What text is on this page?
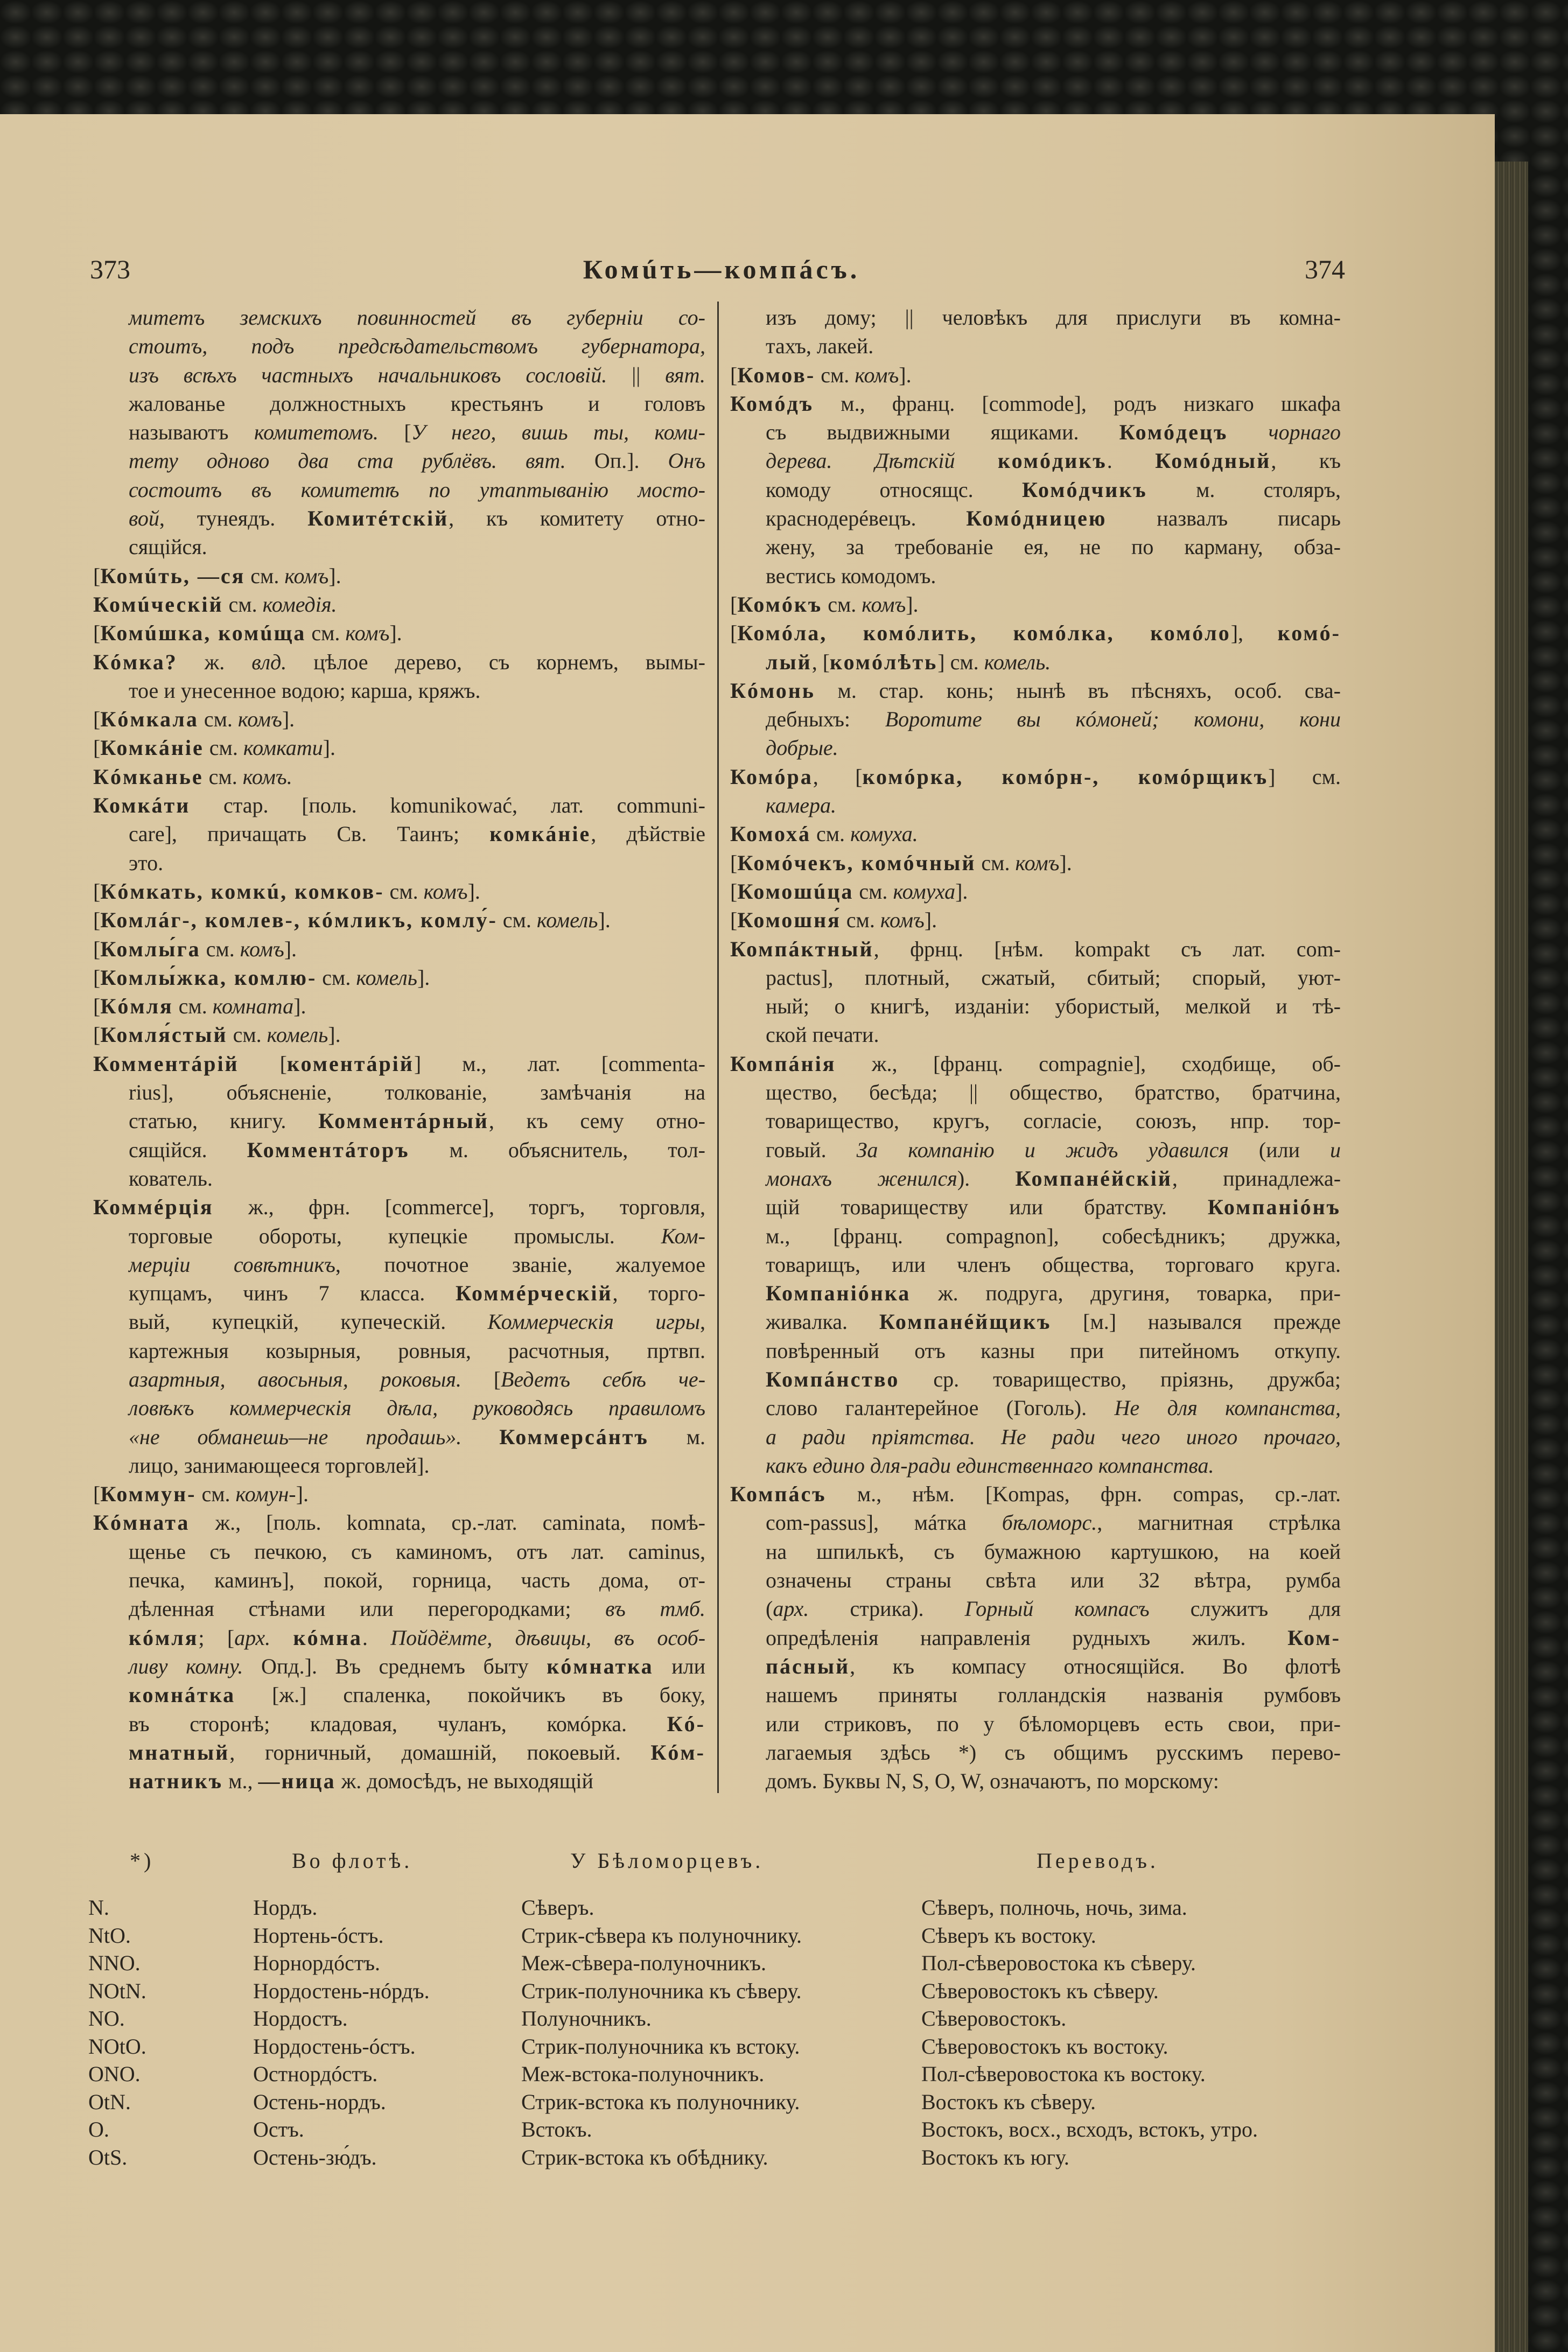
373	Комúть—компáсъ.	374
митетъ земскихъ повинностей въ губерніи со-
стоитъ, подъ предсѣдательствомъ губернатора,
изъ всѣхъ частныхъ начальниковъ сословій. || вят.
жалованье должностныхъ крестьянъ и головъ
называютъ комитетомъ. [У него, вишь ты, коми-
тету одново два ста рублёвъ. вят. Оп.]. Онъ
состоитъ въ комитетѣ по утаптыванію мосто-
вой, тунеядъ. Комитéтскій, къ комитету отно-
сящійся.
[Комúть, —ся см. комъ].
Комúческій см. комедія.
[Комúшка, комúща см. комъ].
Кóмка? ж. влд. цѣлое дерево, съ корнемъ, вымы-
тое и унесенное водою; карша, кряжъ.
[Кóмкала см. комъ].
[Комкáніе см. комкати].
Кóмканье см. комъ.
Комкáти стар. [поль. komunikować, лат. communi-
care], причащать Св. Таинъ; комкáніе, дѣйствіе
это.
[Кóмкать, комкú, комков- см. комъ].
[Комлáг-, комлев-, кóмликъ, комлу́- см. комель].
[Комлы́га см. комъ].
[Комлы́жка, комлю- см. комель].
[Кóмля см. комната].
[Комля́стый см. комель].
Комментáрій [коментáрій] м., лат. [commenta-
rius], объясненіе, толкованіе, замѣчанія на
статью, книгу. Комментáрный, къ сему отно-
сящійся. Комментáторъ м. объяснитель, тол-
кователь.
Коммéрція ж., фрн. [commerce], торгъ, торговля,
торговые обороты, купецкіе промыслы. Ком-
мерціи совѣтникъ, почотное званіе, жалуемое
купцамъ, чинъ 7 класса. Коммéрческій, торго-
вый, купецкій, купеческій. Коммерческія игры,
картежныя козырныя, ровныя, расчотныя, пртвп.
азартныя, авосьныя, роковыя. [Ведетъ себѣ че-
ловѣкъ коммерческія дѣла, руководясь правиломъ
«не обманешь—не продашь». Коммерсáнтъ м.
лицо, занимающееся торговлей].
[Коммун- см. комун-].
Кóмната ж., [поль. komnata, ср.-лат. caminata, помѣ-
щенье съ печкою, съ каминомъ, отъ лат. caminus,
печка, каминъ], покой, горница, часть дома, от-
дѣленная стѣнами или перегородками; въ тмб.
кóмля; [арх. кóмна. Пойдёмте, дѣвицы, въ особ-
ливу комну. Опд.]. Въ среднемъ быту кóмнатка или
комнáтка [ж.] спаленка, покойчикъ въ боку,
въ сторонѣ; кладовая, чуланъ, комóрка. Кó-
мнатный, горничный, домашній, покоевый. Кóм-
натникъ м., —ница ж. домосѣдъ, не выходящій
изъ дому; || человѣкъ для прислуги въ комна-
тахъ, лакей.
[Комов- см. комъ].
Комóдъ м., франц. [commode], родъ низкаго шкафа
съ выдвижными ящиками. Комóдецъ чорнаго
дерева. Дѣтскій комóдикъ. Комóдный, къ
комоду относящс. Комóдчикъ м. столяръ,
краснодерéвецъ. Комóдницею назвалъ писарь
жену, за требованіе ея, не по карману, обза-
вестись комодомъ.
[Комóкъ см. комъ].
[Комóла, комóлить, комóлка, комóло], комó-
лый, [комóлѣть] см. комель.
Кóмонь м. стар. конь; нынѣ въ пѣсняхъ, особ. сва-
дебныхъ: Воротите вы кóмоней; комони, кони
добрые.
Комóра, [комóрка, комóрн-, комóрщикъ] см.
камера.
Комохá см. комуха.
[Комóчекъ, комóчный см. комъ].
[Комошúца см. комуха].
[Комошня́ см. комъ].
Компáктный, фрнц. [нѣм. kompakt съ лат. com-
pactus], плотный, сжатый, сбитый; спорый, уют-
ный; о книгѣ, изданіи: убористый, мелкой и тѣ-
ской печати.
Компáнія ж., [франц. compagnie], сходбище, об-
щество, бесѣда; || общество, братство, братчина,
товарищество, кругъ, согласіе, союзъ, нпр. тор-
говый. За компанію и жидъ удавился (или и
монахъ женился). Компанéйскій, принадлежа-
щій товариществу или братству. Компаніóнъ
м., [франц. compagnon], собесѣдникъ; дружка,
товарищъ, или членъ общества, торговаго круга.
Компаніóнка ж. подруга, другиня, товарка, при-
живалка. Компанéйщикъ [м.] назывался прежде
повѣренный отъ казны при питейномъ откупу.
Компáнство ср. товарищество, пріязнь, дружба;
слово галантерейное (Гоголь). Не для компанства,
а ради пріятства. Не ради чего иного прочаго,
какъ едино для-ради единственнаго компанства.
Компáсъ м., нѣм. [Kompas, фрн. compas, ср.-лат.
com-passus], мáтка бѣломорс., магнитная стрѣлка
на шпилькѣ, съ бумажною картушкою, на коей
означены страны свѣта или 32 вѣтра, румба
(арх. стрика). Горный компасъ служитъ для
опредѣленія направленія рудныхъ жилъ. Ком-
пáсный, къ компасу относящійся. Во флотѣ
нашемъ приняты голландскія названія румбовъ
или стриковъ, по у бѣломорцевъ есть свои, при-
лагаемыя здѣсь *) съ общимъ русскимъ перево-
домъ. Буквы N, S, O, W, означаютъ, по морскому:
*)	Во флотѣ.	У Бѣломорцевъ.	Переводъ.
N.	Нордъ.	Сѣверъ.	Сѣверъ, полночь, ночь, зима.
NtO.	Нортень-óстъ.	Стрик-сѣвера къ полуночнику.	Сѣверъ къ востоку.
NNO.	Норнордóстъ.	Меж-сѣвера-полуночникъ.	Пол-сѣверовостока къ сѣверу.
NOtN.	Нордостень-нóрдъ.	Стрик-полуночника къ сѣверу.	Сѣверовостокъ къ сѣверу.
NO.	Нордостъ.	Полуночникъ.	Сѣверовостокъ.
NOtO.	Нордостень-óстъ.	Стрик-полуночника къ встоку.	Сѣверовостокъ къ востоку.
ONO.	Остнордóстъ.	Меж-встока-полуночникъ.	Пол-сѣверовостока къ востоку.
OtN.	Остень-нордъ.	Стрик-встока къ полуночнику.	Востокъ къ сѣверу.
O.	Остъ.	Встокъ.	Востокъ, восх., всходъ, встокъ, утро.
OtS.	Остень-зю́дъ.	Стрик-встока къ обѣднику.	Востокъ къ югу.
